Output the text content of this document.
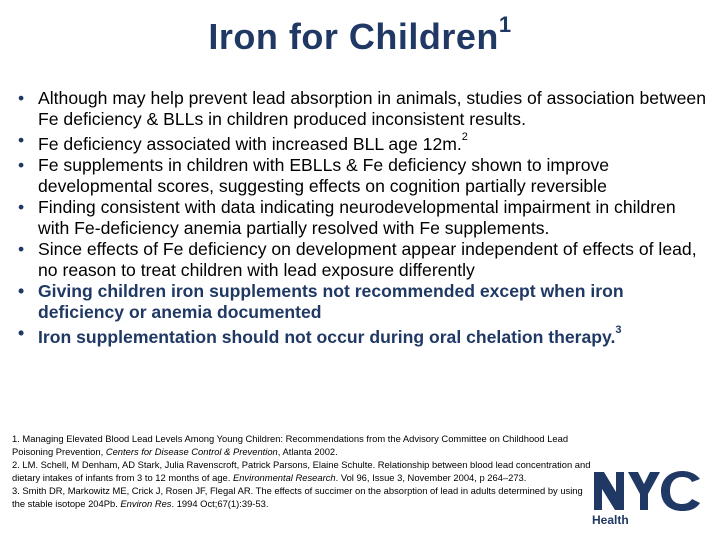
Iron for Children$^1$
• Although may help prevent lead absorption in animals, studies of association between Fe deficiency & BLLs in children produced inconsistent results.
• Fe deficiency associated with increased BLL age 12m.$^2$
• Fe supplements in children with EBLLs & Fe deficiency shown to improve developmental scores, suggesting effects on cognition partially reversible
• Finding consistent with data indicating neurodevelopmental impairment in children with Fe-deficiency anemia partially resolved with Fe supplements.
• Since effects of Fe deficiency on development appear independent of effects of lead, no reason to treat children with lead exposure differently
• Giving children iron supplements not recommended except when iron deficiency or anemia documented
• Iron supplementation should not occur during oral chelation therapy.$^3$

1. Managing Elevated Blood Lead Levels Among Young Children: Recommendations from the Advisory Committee on Childhood Lead Poisoning Prevention, Centers for Disease Control & Prevention, Atlanta 2002.

2. LM. Schell, M Denham, AD Stark, Julia Ravenscroft, Patrick Parsons, Elaine Schulte. Relationship between blood lead concentration and dietary intakes of infants from 3 to 12 months of age. Environmental Research. Vol 96, Issue 3, November 2004, p 264–273.

3. Smith DR, Markowitz ME, Crick J, Rosen JF, Flegal AR. The effects of succimer on the absorption of lead in adults determined by using the stable isotope 204Pb. Environ Res. 1994 Oct;67(1):39-53.

Health
